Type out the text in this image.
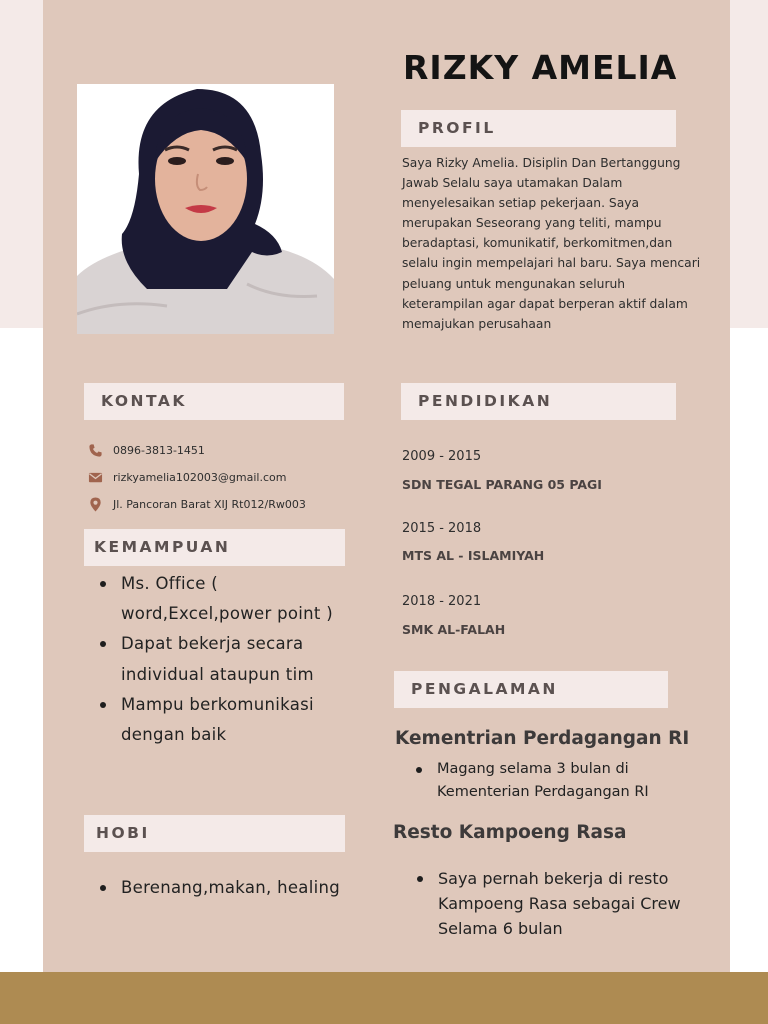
RIZKY AMELIA
PROFIL
Saya Rizky Amelia. Disiplin Dan Bertanggung Jawab Selalu saya utamakan Dalam menyelesaikan setiap pekerjaan. Saya merupakan Seseorang yang teliti, mampu beradaptasi, komunikatif, berkomitmen,dan selalu ingin mempelajari hal baru. Saya mencari peluang untuk mengunakan seluruh keterampilan agar dapat berperan aktif dalam memajukan perusahaan
KONTAK
0896-3813-1451
rizkyamelia102003@gmail.com
Jl. Pancoran Barat XIJ Rt012/Rw003
KEMAMPUAN
Ms. Office ( word,Excel,power point )
Dapat bekerja secara individual ataupun tim
Mampu berkomunikasi dengan baik
HOBI
Berenang,makan, healing
PENDIDIKAN
2009 - 2015
SDN TEGAL PARANG 05 PAGI
2015 - 2018
MTS AL - ISLAMIYAH
2018 - 2021
SMK AL-FALAH
PENGALAMAN
Kementrian Perdagangan RI
Magang selama 3 bulan di Kementerian Perdagangan RI
Resto Kampoeng Rasa
Saya pernah bekerja di resto Kampoeng Rasa sebagai Crew Selama 6 bulan
